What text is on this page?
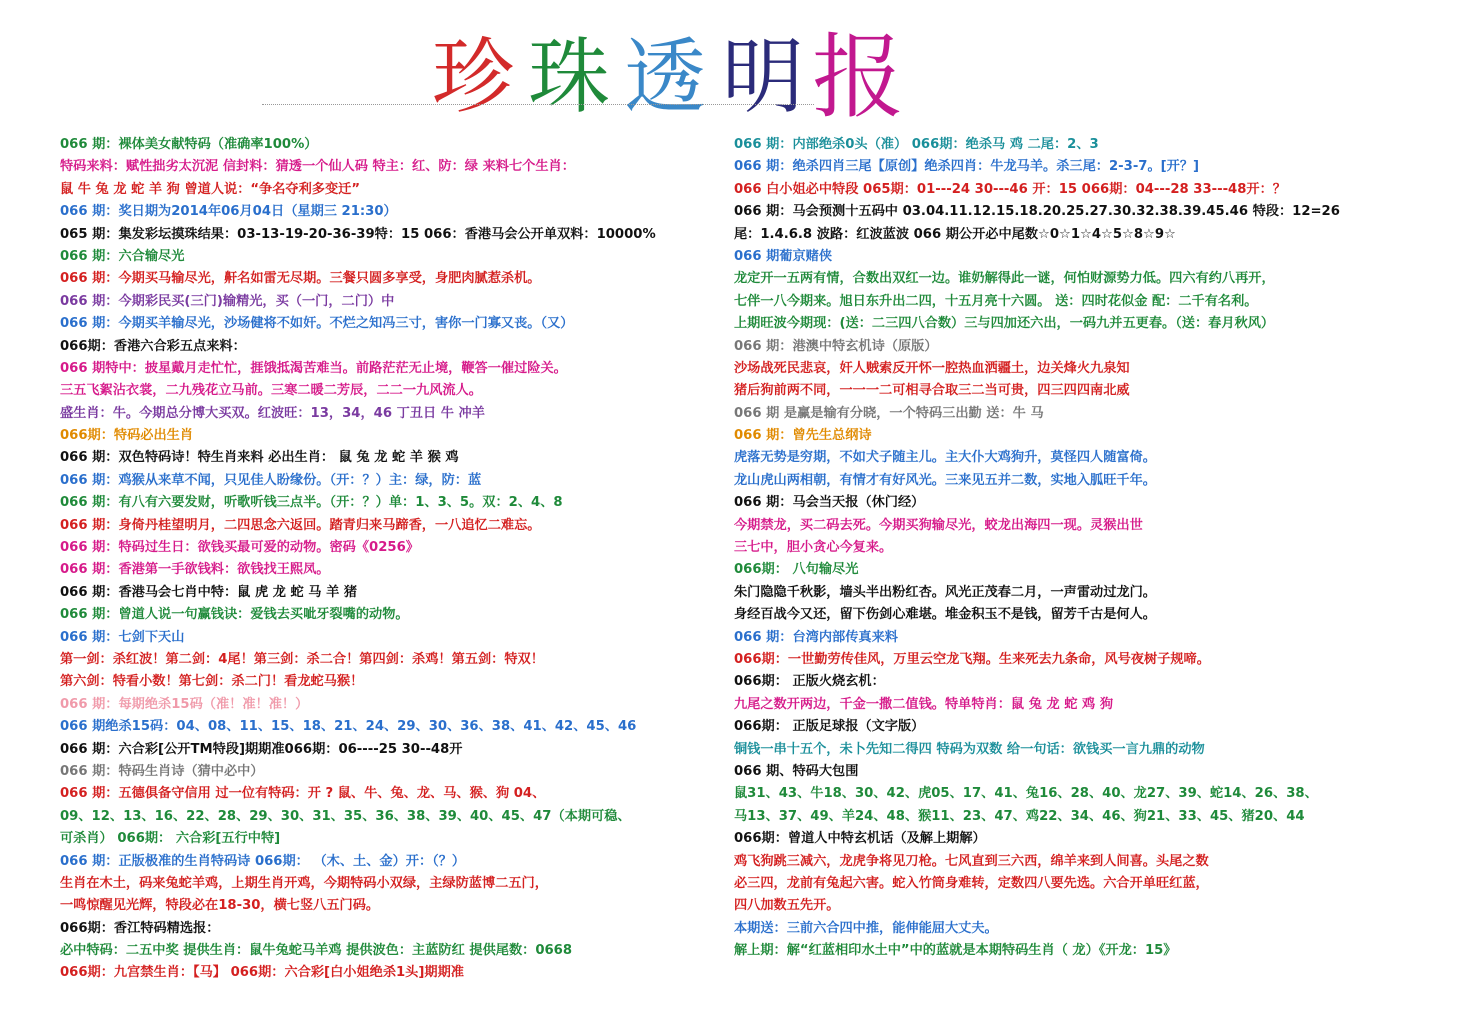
珍 珠 透 明 报
066 期：裸体美女献特码（准确率100%）
特码来料：赋性拙劣太沉泥 信封料：猜透一个仙人码 特主：红、防：绿 来料七个生肖：
鼠 牛 兔 龙 蛇 羊 狗 曾道人说：“争名夺利多变迁”
066 期：奖日期为2014年06月04日（星期三 21:30）
065 期：集发彩坛摸珠结果：03-13-19-20-36-39特：15 066：香港马会公开单双料：10000%
066 期：六合输尽光
066 期：今期买马输尽光，鼾名如雷无尽期。三餐只圆多享受，身肥肉腻惹杀机。
066 期：今期彩民买(三门)输精光，买（一门，二门）中
066 期：今期买羊输尽光，沙场健将不如奸。不烂之知冯三寸，害你一门寡又丧。（又）
066期：香港六合彩五点来料：
066 期特中：披星戴月走忙忙，捱饿抵渴苦难当。前路茫茫无止境，鞭答一催过险关。
三五飞絮沾衣裳，二九残花立马前。三寒二暖二芳辰，二二一九风流人。
盛生肖：牛。今期总分博大买双。红波旺：13，34，46 丁丑日 牛 冲羊
066期：特码必出生肖
066 期：双色特码诗！特生肖来料 必出生肖： 鼠 兔 龙 蛇 羊 猴 鸡
066 期：鸡猴从来草不闻，只见佳人盼缘份。（开：？）主：绿，防：蓝
066 期：有八有六要发财，听歌听钱三点半。（开：？）单：1、3、5。双：2、4、8
066 期：身倚丹桂望明月，二四思念六返回。踏青归来马蹄香，一八追忆二难忘。
066 期：特码过生日：欲钱买最可爱的动物。密码《0256》
066 期：香港第一手欲钱料：欲钱找王熙凤。
066 期：香港马会七肖中特：鼠 虎 龙 蛇 马 羊 猪
066 期：曾道人说一句赢钱诀：爱钱去买呲牙裂嘴的动物。
066 期：七剑下天山
第一剑：杀红波！第二剑：4尾！第三剑：杀二合！第四剑：杀鸡！第五剑：特双！
第六剑：特看小数！第七剑：杀二门！看龙蛇马猴！
066 期：每期绝杀15码（准！准！准！）
066 期绝杀15码：04、08、11、15、18、21、24、29、30、36、38、41、42、45、46
066 期：六合彩[公开TM特段]期期准066期：06----25 30--48开
066 期：特码生肖诗（猜中必中）
066 期：五德俱备守信用 过一位有特码：开 ? 鼠、牛、兔、龙、马、猴、狗 04、
09、12、13、16、22、28、29、30、31、35、36、38、39、40、45、47（本期可稳、
可杀肖） 066期： 六合彩[五行中特]
066 期：正版极准的生肖特码诗 066期： （木、土、金）开：（？）
生肖在木土，码来兔蛇羊鸡，上期生肖开鸡，今期特码小双绿，主绿防蓝博二五门，
一鸣惊醒见光辉，特段必在18-30，横七竖八五门码。
066期：香江特码精选报：
必中特码：二五中奖 提供生肖：鼠牛兔蛇马羊鸡 提供波色：主蓝防红 提供尾数：0668
066期：九宫禁生肖：【马】 066期：六合彩[白小姐绝杀1头]期期准
066 期：内部绝杀0头（准） 066期：绝杀马 鸡 二尾：2、3
066 期：绝杀四肖三尾【原创】绝杀四肖：牛龙马羊。杀三尾：2-3-7。[开？]
066 白小姐必中特段 065期：01---24 30---46 开：15 066期：04---28 33---48开：？
066 期：马会预测十五码中 03.04.11.12.15.18.20.25.27.30.32.38.39.45.46 特段：12=26
尾：1.4.6.8 波路：红波蓝波 066 期公开必中尾数☆0☆1☆4☆5☆8☆9☆
066 期葡京赌侠
龙定开一五两有情，合数出双红一边。谁奶解得此一谜，何怕财源势力低。四六有约八再开，
七伴一八今期来。旭日东升出二四，十五月亮十六圆。 送：四时花似金 配：二千有名利。
上期旺波今期现：(送：二三四八合数）三与四加还六出，一码九并五更春。（送：春月秋风）
066 期：港澳中特玄机诗（原版）
沙场战死民悲哀，奸人贼索反开怀一腔热血洒疆土，边关烽火九泉知
猪后狗前两不同，一一一二可相寻合取三二当可贵，四三四四南北威
066 期 是赢是输有分晓，一个特码三出勤 送：牛 马
066 期：曾先生总纲诗
虎落无势是穷期，不如犬子随主儿。主大仆大鸡狗升，莫怪四人随富倚。
龙山虎山两相朝，有情才有好风光。三来见五并二数，实地入胍旺千年。
066 期：马会当天报（休门经）
今期禁龙，买二码去死。今期买狗输尽光，蛟龙出海四一现。灵猴出世
三七中，胆小贪心今复来。
066期： 八句输尽光
朱门隐隐千秋影，墙头半出粉红杏。风光正茂春二月，一声雷动过龙门。
身经百战今又还，留下伤剑心难堪。堆金积玉不是钱，留芳千古是何人。
066 期：台湾内部传真来料
066期：一世勤劳传佳风，万里云空龙飞翔。生来死去九条命，风号夜树子规啼。
066期： 正版火烧玄机：
九尾之数开两边，千金一撒二值钱。特单特肖：鼠 兔 龙 蛇 鸡 狗
066期： 正版足球报（文字版）
铜钱一串十五个，未卜先知二得四 特码为双数 给一句话：欲钱买一言九鼎的动物
066 期、特码大包围
鼠31、43、牛18、30、42、虎05、17、41、兔16、28、40、龙27、39、蛇14、26、38、
马13、37、49、羊24、48、猴11、23、47、鸡22、34、46、狗21、33、45、猪20、44
066期：曾道人中特玄机话（及解上期解）
鸡飞狗跳三减六，龙虎争将见刀枪。七风直到三六西，绵羊来到人间喜。头尾之数
必三四，龙前有兔起六害。蛇入竹筒身难转，定数四八要先选。六合开单旺红蓝，
四八加数五先开。
本期送：三前六合四中推，能伸能屈大丈夫。
解上期：解“红蓝相印水土中”中的蓝就是本期特码生肖（ 龙）《开龙：15》
